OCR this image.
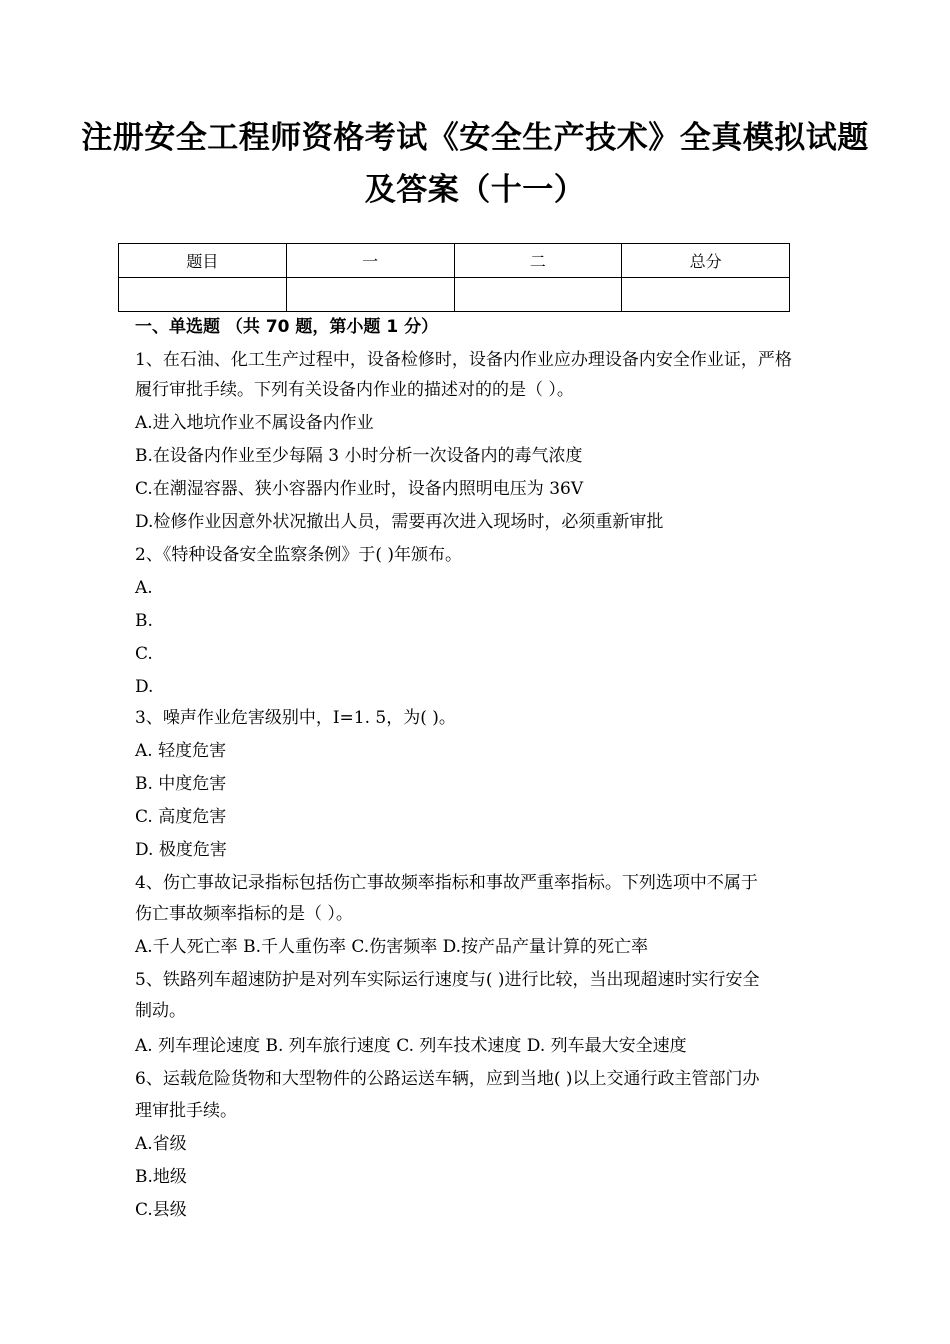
注册安全工程师资格考试《安全生产技术》全真模拟试题
及答案（十一）
题目	一	二	总分

一、单选题 （共 70 题，第小题 1 分）

1、在石油、化工生产过程中，设备检修时，设备内作业应办理设备内安全作业证，严格

履行审批手续。下列有关设备内作业的描述对的的是（ ）。

A.进入地坑作业不属设备内作业

B.在设备内作业至少每隔 3 小时分析一次设备内的毒气浓度

C.在潮湿容器、狭小容器内作业时，设备内照明电压为 36V

D.检修作业因意外状况撤出人员，需要再次进入现场时，必须重新审批

2、《特种设备安全监察条例》于( )年颁布。

A.

B.

C.

D.

3、噪声作业危害级别中，I=1. 5，为( )。

A. 轻度危害

B. 中度危害

C. 高度危害

D. 极度危害

4、伤亡事故记录指标包括伤亡事故频率指标和事故严重率指标。下列选项中不属于

伤亡事故频率指标的是（ ）。

A.千人死亡率 B.千人重伤率 C.伤害频率 D.按产品产量计算的死亡率

5、铁路列车超速防护是对列车实际运行速度与( )进行比较，当出现超速时实行安全

制动。

A. 列车理论速度 B. 列车旅行速度 C. 列车技术速度 D. 列车最大安全速度

6、运载危险货物和大型物件的公路运送车辆，应到当地( )以上交通行政主管部门办

理审批手续。

A.省级

B.地级

C.县级
